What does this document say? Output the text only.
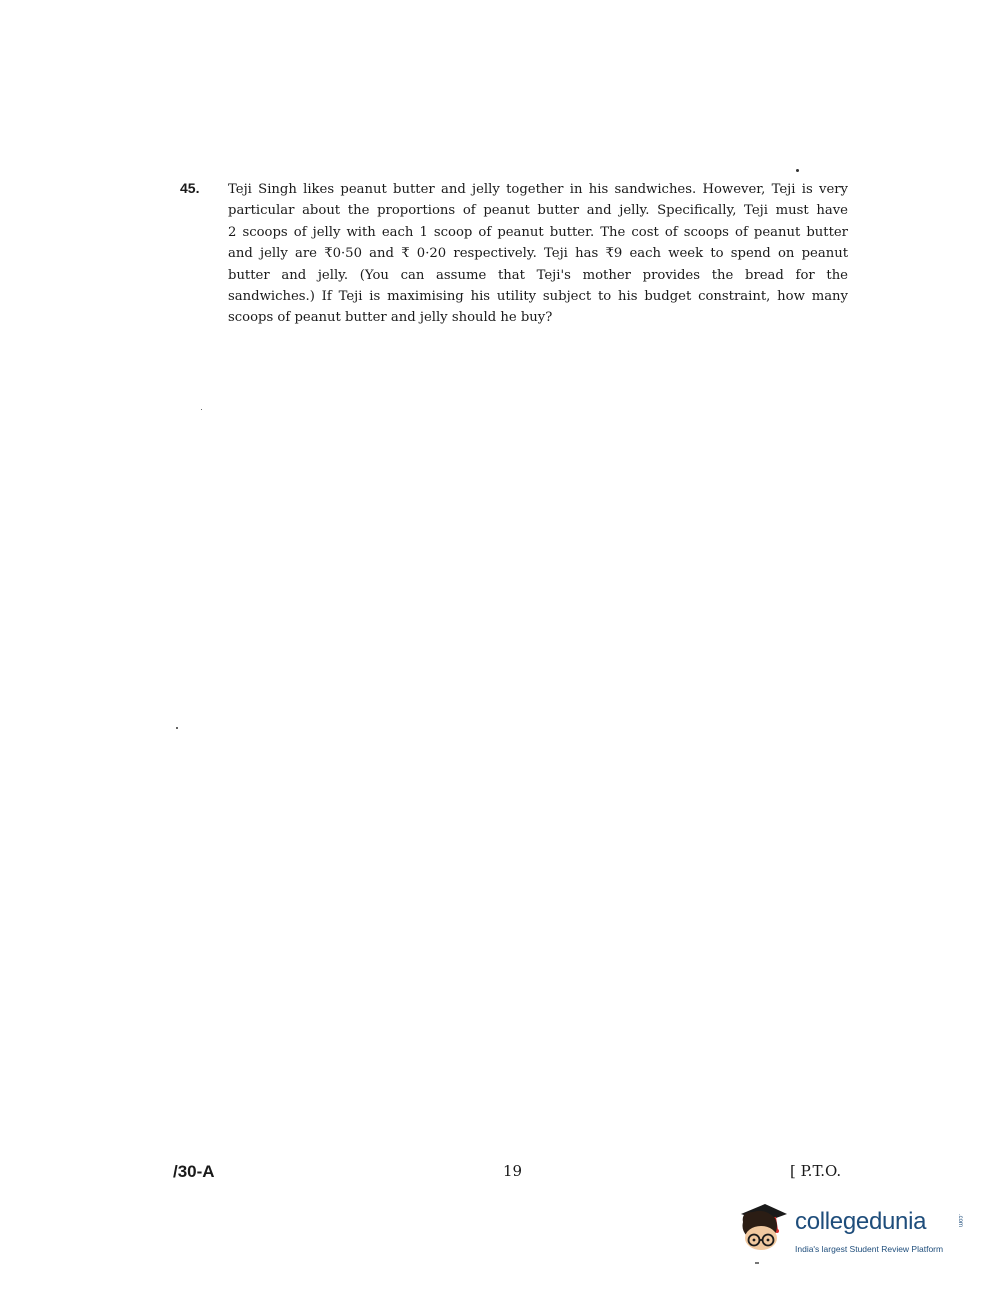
45. Teji Singh likes peanut butter and jelly together in his sandwiches. However, Teji is very
particular about the proportions of peanut butter and jelly. Specifically, Teji must have
2 scoops of jelly with each 1 scoop of peanut butter. The cost of scoops of peanut butter
and jelly are ₹0·50 and ₹ 0·20 respectively. Teji has ₹9 each week to spend on peanut
butter and jelly. (You can assume that Teji's mother provides the bread for the
sandwiches.) If Teji is maximising his utility subject to his budget constraint, how many
scoops of peanut butter and jelly should he buy?
/30-A	19	[ P.T.O.
collegedunia	.com
India's largest Student Review Platform
